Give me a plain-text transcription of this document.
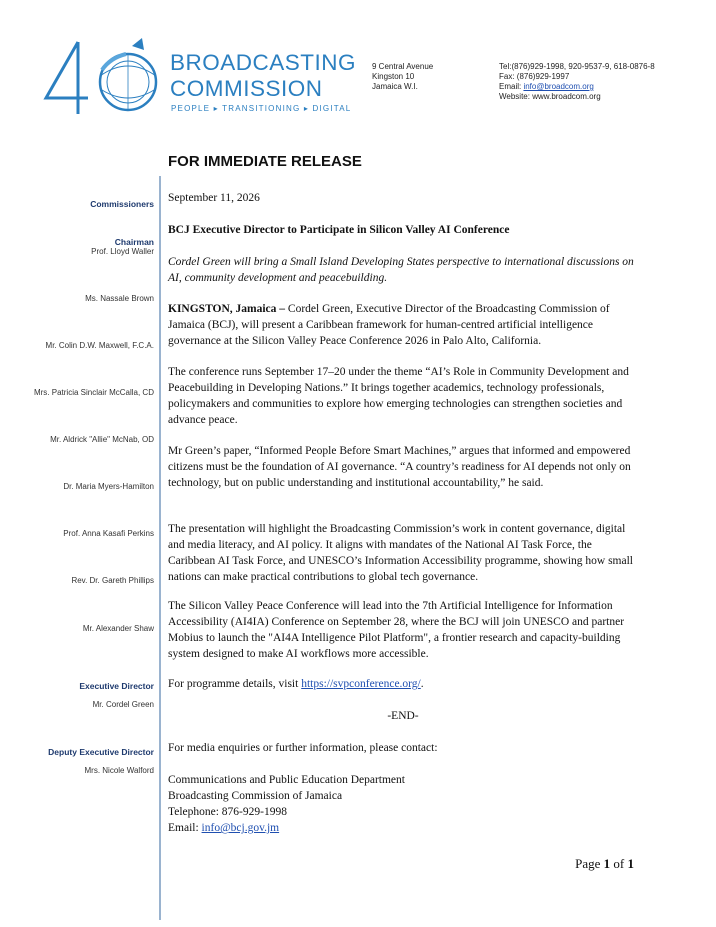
BROADCASTING
COMMISSION
PEOPLE ▸ TRANSITIONING ▸ DIGITAL
9 Central Avenue
Kingston 10
Jamaica W.I.
Tel:(876)929-1998, 920-9537-9, 618-0876-8
Fax: (876)929-1997
Email: info@broadcom.org
Website: www.broadcom.org
FOR IMMEDIATE RELEASE
Commissioners
Chairman
Prof. Lloyd Waller
Ms. Nassale Brown
Mr. Colin D.W. Maxwell, F.C.A.
Mrs. Patricia Sinclair McCalla, CD
Mr. Aldrick "Allie" McNab, OD
Dr. Maria Myers-Hamilton
Prof. Anna Kasafi Perkins
Rev. Dr. Gareth Phillips
Mr. Alexander Shaw
Executive Director
Mr. Cordel Green
Deputy Executive Director
Mrs. Nicole Walford
September 11, 2026
BCJ Executive Director to Participate in Silicon Valley AI Conference
Cordel Green will bring a Small Island Developing States perspective to international discussions on AI, community development and peacebuilding.
KINGSTON, Jamaica – Cordel Green, Executive Director of the Broadcasting Commission of Jamaica (BCJ), will present a Caribbean framework for human-centred artificial intelligence governance at the Silicon Valley Peace Conference 2026 in Palo Alto, California.
The conference runs September 17–20 under the theme “AI’s Role in Community Development and Peacebuilding in Developing Nations.” It brings together academics, technology professionals, policymakers and communities to explore how emerging technologies can strengthen societies and advance peace.
Mr Green’s paper, “Informed People Before Smart Machines,” argues that informed and empowered citizens must be the foundation of AI governance. “A country’s readiness for AI depends not only on technology, but on public understanding and institutional accountability,” he said.
The presentation will highlight the Broadcasting Commission’s work in content governance, digital and media literacy, and AI policy. It aligns with mandates of the National AI Task Force, the Caribbean AI Task Force, and UNESCO’s Information Accessibility programme, showing how small nations can make practical contributions to global tech governance.
The Silicon Valley Peace Conference will lead into the 7th Artificial Intelligence for Information Accessibility (AI4IA) Conference on September 28, where the BCJ will join UNESCO and partner Mobius to launch the "AI4A Intelligence Pilot Platform", a frontier research and capacity-building system designed to make AI workflows more accessible.
For programme details, visit https://svpconference.org/.
-END-
For media enquiries or further information, please contact:
Communications and Public Education Department
Broadcasting Commission of Jamaica
Telephone: 876-929-1998
Email: info@bcj.gov.jm
Page 1 of 1
